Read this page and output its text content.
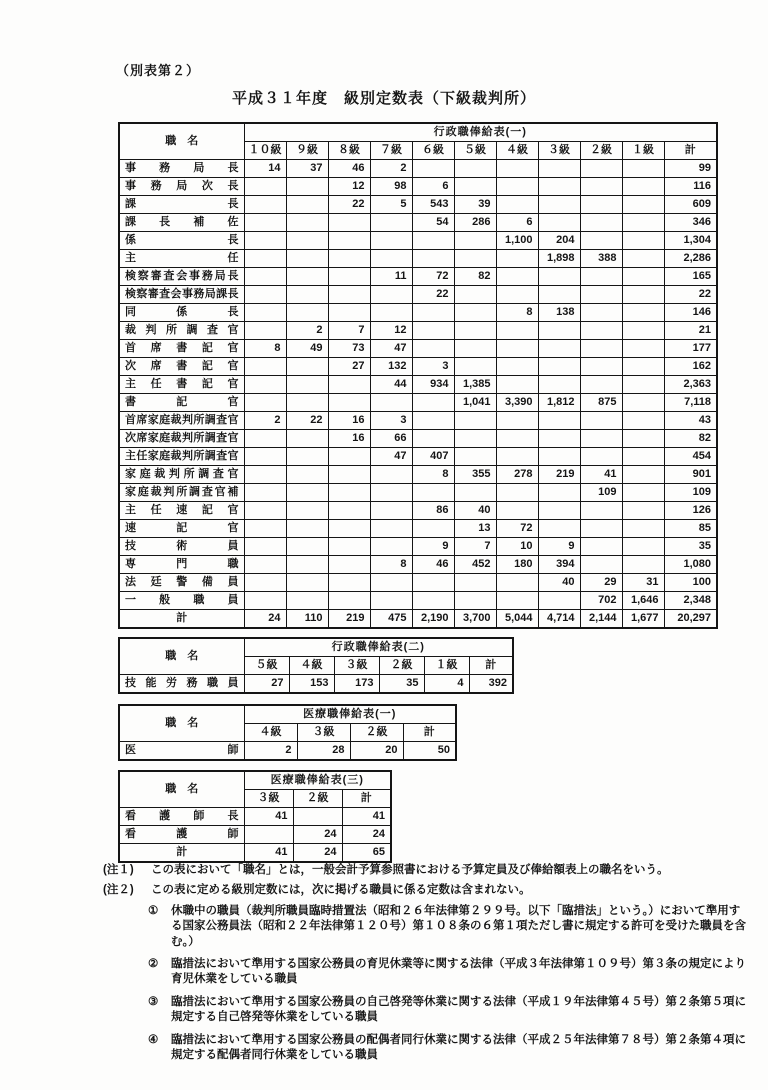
（別表第２）
平成３１年度　級別定数表（下級裁判所）
職　名	行政職俸給表(一)										
	１０級	９級	８級	７級	６級	５級	４級	３級	２級	１級	計
事 務 局 長	14	37	46	2							99
事 務 局 次 長			12	98	6						116
課 長			22	5	543	39					609
課 長 補 佐					54	286	6				346
係 長							1,100	204			1,304
主 任								1,898	388		2,286
検察審査会事務局長				11	72	82					165
検察審査会事務局課長					22						22
同 係 長							8	138			146
裁 判 所 調 査 官		2	7	12							21
首 席 書 記 官	8	49	73	47							177
次 席 書 記 官			27	132	3						162
主 任 書 記 官				44	934	1,385					2,363
書 記 官						1,041	3,390	1,812	875		7,118
首席家庭裁判所調査官	2	22	16	3							43
次席家庭裁判所調査官			16	66							82
主任家庭裁判所調査官				47	407						454
家 庭 裁 判 所 調 査 官					8	355	278	219	41		901
家庭裁判所調査官補									109		109
主 任 速 記 官					86	40					126
速 記 官						13	72				85
技 術 員					9	7	10	9			35
専 門 職				8	46	452	180	394			1,080
法 廷 警 備 員								40	29	31	100
一 般 職 員									702	1,646	2,348
計	24	110	219	475	2,190	3,700	5,044	4,714	2,144	1,677	20,297
職　名	行政職俸給表(二)					
	５級	４級	３級	２級	１級	計
技 能 労 務 職 員	27	153	173	35	4	392
職　名	医療職俸給表(一)			
	４級	３級	２級	計
医 師	2	28	20	50
職　名	医療職俸給表(三)		
	３級	２級	計
看 護 師 長	41		41
看 護 師		24	24
計	41	24	65
(注１)	この表において「職名」とは，一般会計予算参照書における予算定員及び俸給額表上の職名をいう。
(注２)	この表に定める級別定数には，次に掲げる職員に係る定数は含まれない。
①	休職中の職員（裁判所職員臨時措置法（昭和２６年法律第２９９号。以下「臨措法」という。）において準用する国家公務員法（昭和２２年法律第１２０号）第１０８条の６第１項ただし書に規定する許可を受けた職員を含む。）
②	臨措法において準用する国家公務員の育児休業等に関する法律（平成３年法律第１０９号）第３条の規定により育児休業をしている職員
③	臨措法において準用する国家公務員の自己啓発等休業に関する法律（平成１９年法律第４５号）第２条第５項に規定する自己啓発等休業をしている職員
④	臨措法において準用する国家公務員の配偶者同行休業に関する法律（平成２５年法律第７８号）第２条第４項に規定する配偶者同行休業をしている職員
